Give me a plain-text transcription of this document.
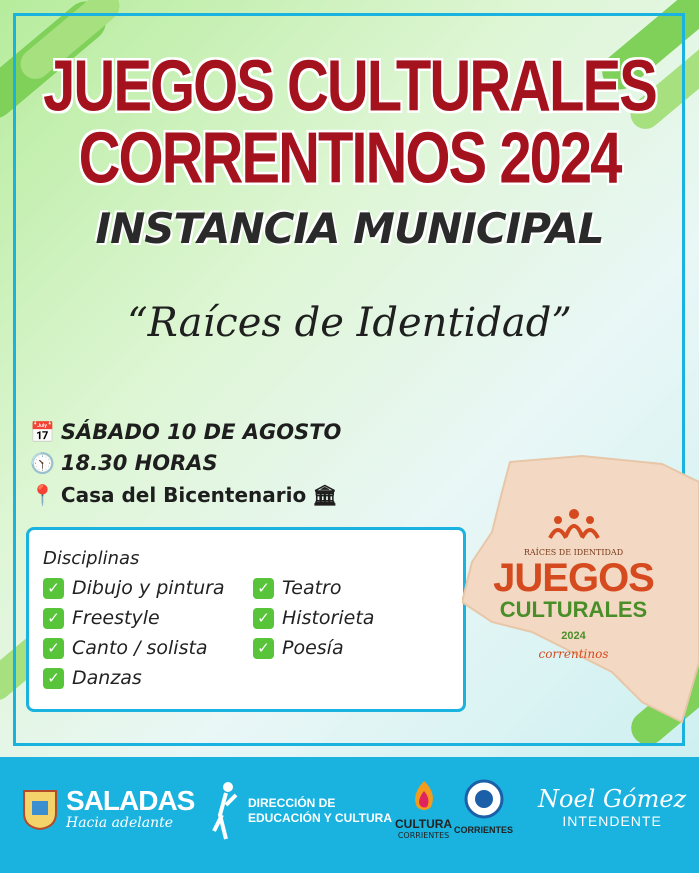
JUEGOS CULTURALES
CORRENTINOS 2024
INSTANCIA MUNICIPAL
“Raíces de Identidad”
📅 SÁBADO 10 DE AGOSTO
🕥 18.30 HORAS
📍 Casa del Bicentenario 🏛
Disciplinas
✓ Dibujo y pintura
✓ Freestyle
✓ Canto / solista
✓ Danzas
✓ Teatro
✓ Historieta
✓ Poesía
RAÍCES DE IDENTIDAD
JUEGOS
CULTURALES 2024
correntinos
SALADAS
Hacia adelante
DIRECCIÓN DE
EDUCACIÓN Y CULTURA CULTURA
CORRIENTES
CORRIENTES
Noel Gómez
INTENDENTE
